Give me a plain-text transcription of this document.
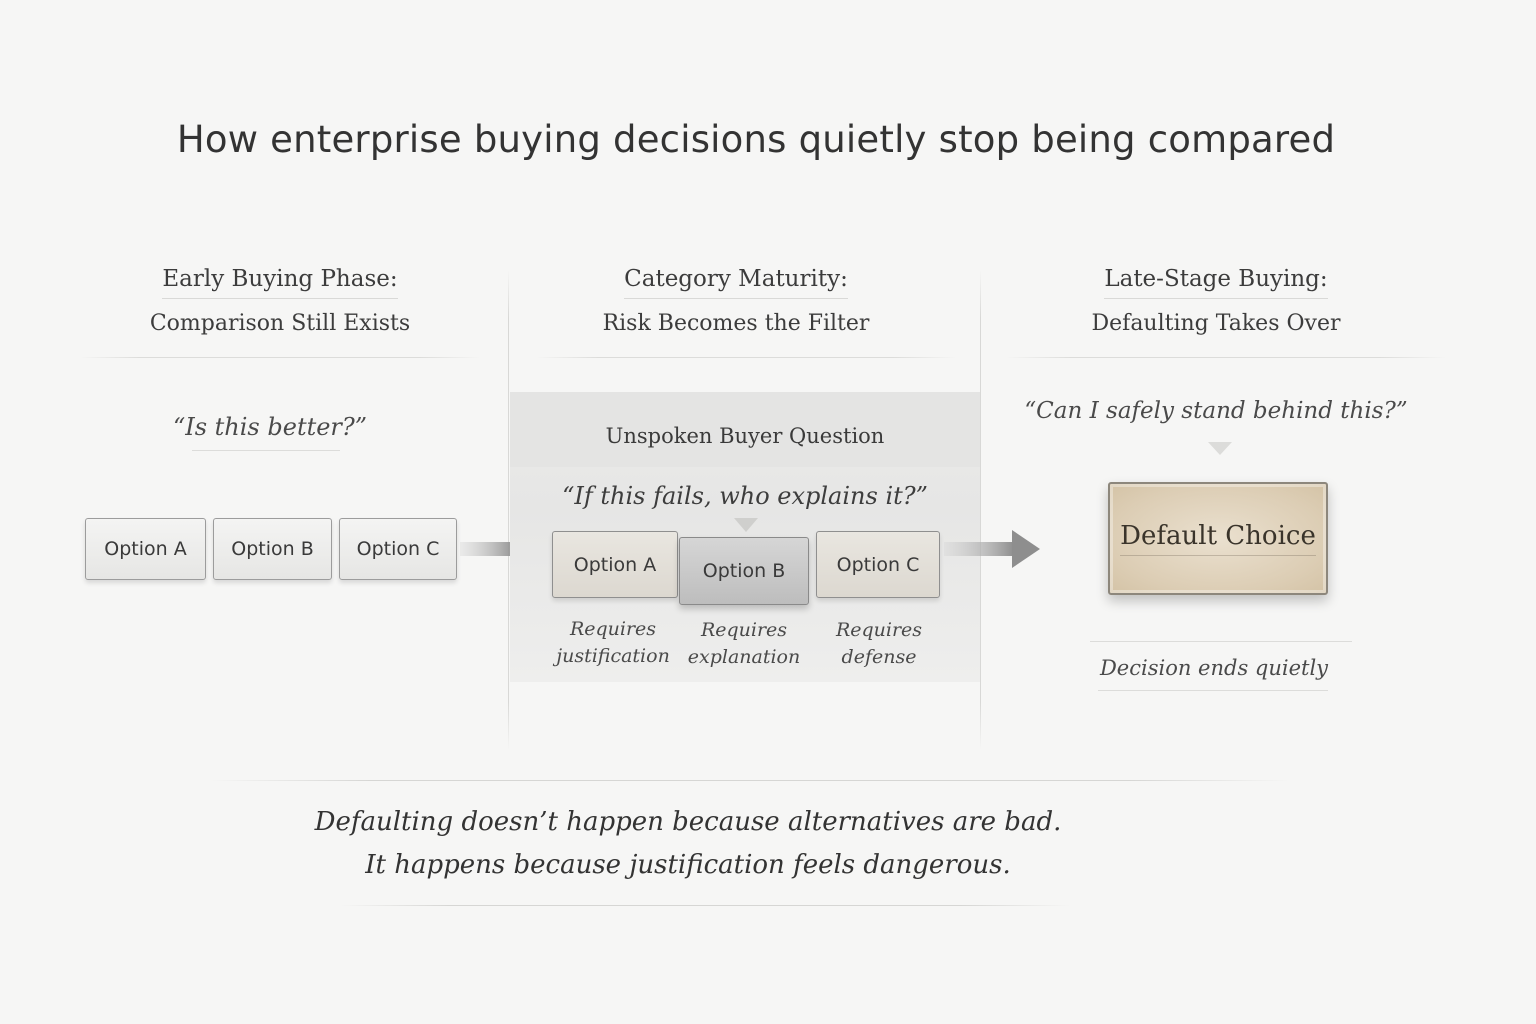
How enterprise buying decisions quietly stop being compared
Early Buying Phase:
Comparison Still Exists
“Is this better?”
Option A	Option B	Option C
Category Maturity:
Risk Becomes the Filter
Unspoken Buyer Question
“If this fails, who explains it?”
Option A	Option B	Option C
Requires
justification
Requires
explanation
Requires
defense
Late-Stage Buying:
Defaulting Takes Over
“Can I safely stand behind this?”
Default Choice
Decision ends quietly
Defaulting doesn’t happen because alternatives are bad.
It happens because justification feels dangerous.
